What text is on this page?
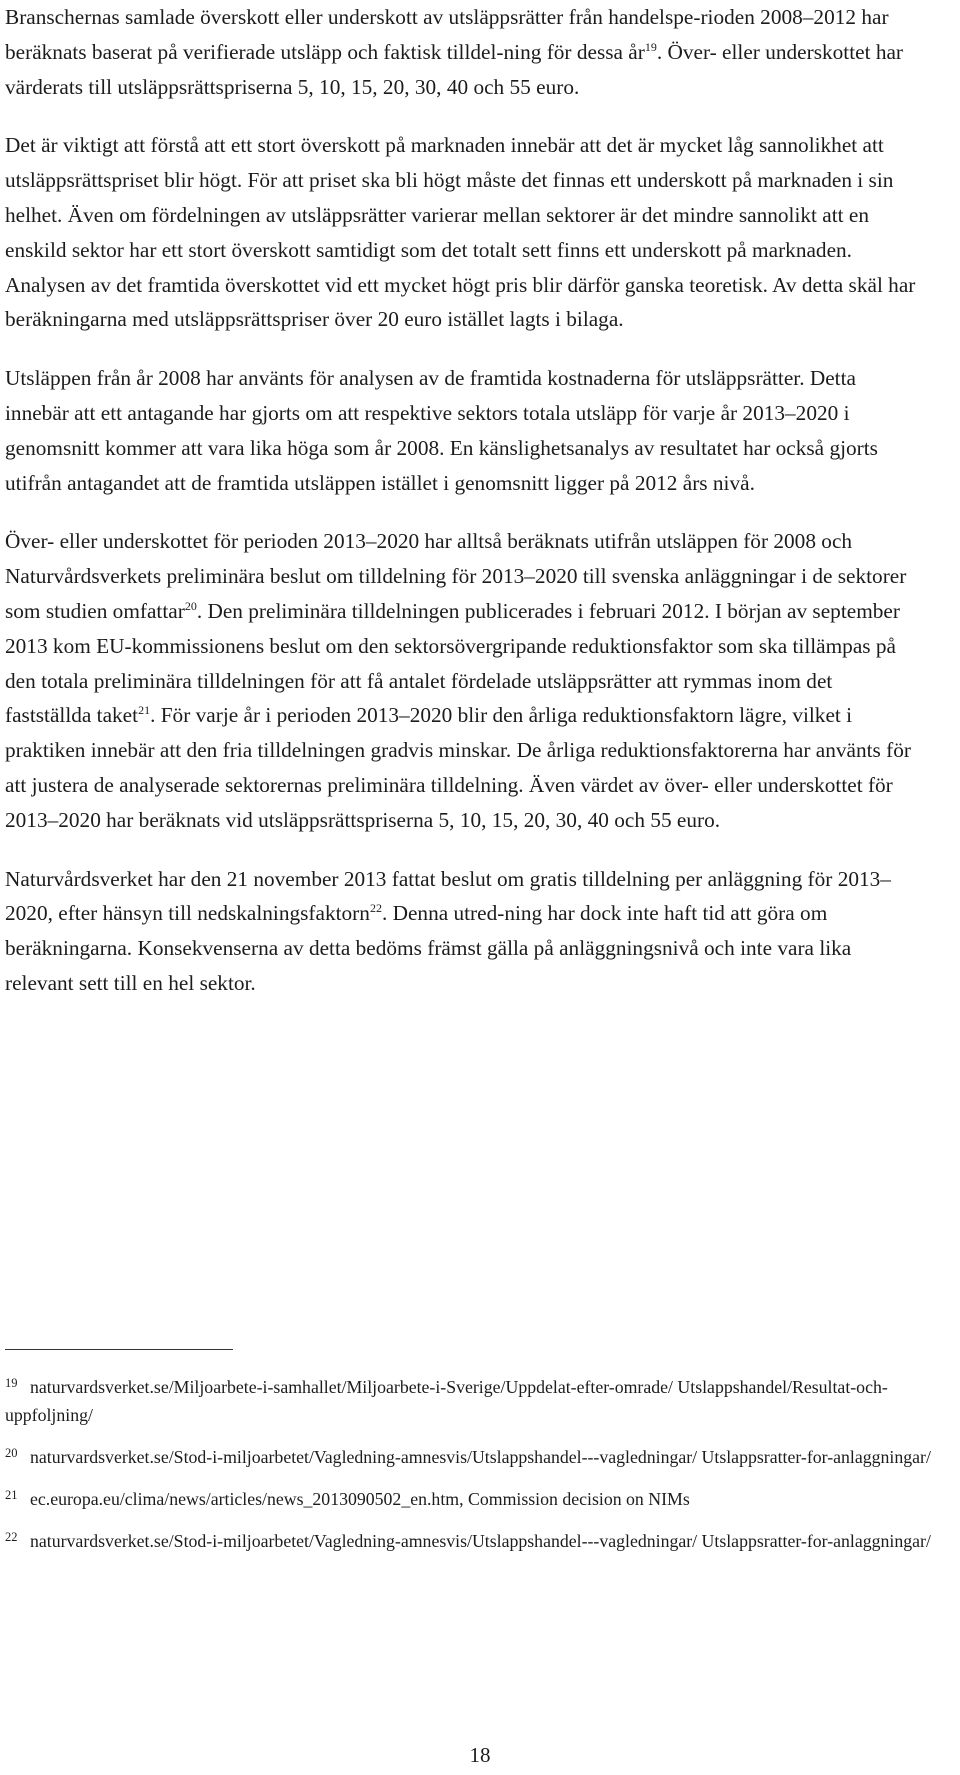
Branschernas samlade överskott eller underskott av utsläppsrätter från handelspe-rioden 2008–2012 har beräknats baserat på verifierade utsläpp och faktisk tilldel-ning för dessa $år^{19}$. Över- eller underskottet har värderats till utsläppsrättspriserna 5, 10, 15, 20, 30, 40 och 55 euro.

Det är viktigt att förstå att ett stort överskott på marknaden innebär att det är mycket låg sannolikhet att utsläppsrättspriset blir högt. För att priset ska bli högt måste det finnas ett underskott på marknaden i sin helhet. Även om fördelningen av utsläppsrätter varierar mellan sektorer är det mindre sannolikt att en enskild sektor har ett stort överskott samtidigt som det totalt sett finns ett underskott på marknaden. Analysen av det framtida överskottet vid ett mycket högt pris blir därför ganska teoretisk. Av detta skäl har beräkningarna med utsläppsrättspriser över 20 euro istället lagts i bilaga.

Utsläppen från år 2008 har använts för analysen av de framtida kostnaderna för utsläppsrätter. Detta innebär att ett antagande har gjorts om att respektive sektors totala utsläpp för varje år 2013–2020 i genomsnitt kommer att vara lika höga som år 2008. En känslighetsanalys av resultatet har också gjorts utifrån antagandet att de framtida utsläppen istället i genomsnitt ligger på 2012 års nivå.

Över- eller underskottet för perioden 2013–2020 har alltså beräknats utifrån utsläppen för 2008 och Naturvårdsverkets preliminära beslut om tilldelning för 2013–2020 till svenska anläggningar i de sektorer som studien omfattar$^{20}$. Den preliminära tilldelningen publicerades i februari 2012. I början av september 2013 kom EU-kommissionens beslut om den sektorsövergripande reduktionsfaktor som ska tillämpas på den totala preliminära tilldelningen för att få antalet fördelade utsläppsrätter att rymmas inom det fastställda taket$^{21}$. För varje år i perioden 2013–2020 blir den årliga reduktionsfaktorn lägre, vilket i praktiken innebär att den fria tilldelningen gradvis minskar. De årliga reduktionsfaktorerna har använts för att justera de analyserade sektorernas preliminära tilldelning. Även värdet av över- eller underskottet för 2013–2020 har beräknats vid utsläppsrättspriserna 5, 10, 15, 20, 30, 40 och 55 euro.

Naturvårdsverket har den 21 november 2013 fattat beslut om gratis tilldelning per anläggning för 2013–2020, efter hänsyn till nedskalningsfaktorn$^{22}$. Denna utred-ning har dock inte haft tid att göra om beräkningarna. Konsekvenserna av detta bedöms främst gälla på anläggningsnivå och inte vara lika relevant sett till en hel sektor.

19 naturvardsverket.se/Miljoarbete-i-samhallet/Miljoarbete-i-Sverige/Uppdelat-efter-omrade/ Utslappshandel/Resultat-och-uppfoljning/

20 naturvardsverket.se/Stod-i-miljoarbetet/Vagledning-amnesvis/Utslappshandel---vagledningar/ Utslappsratter-for-anlaggningar/

21 ec.europa.eu/clima/news/articles/news_2013090502_en.htm, Commission decision on NIMs

22 naturvardsverket.se/Stod-i-miljoarbetet/Vagledning-amnesvis/Utslappshandel---vagledningar/ Utslappsratter-for-anlaggningar/

18
